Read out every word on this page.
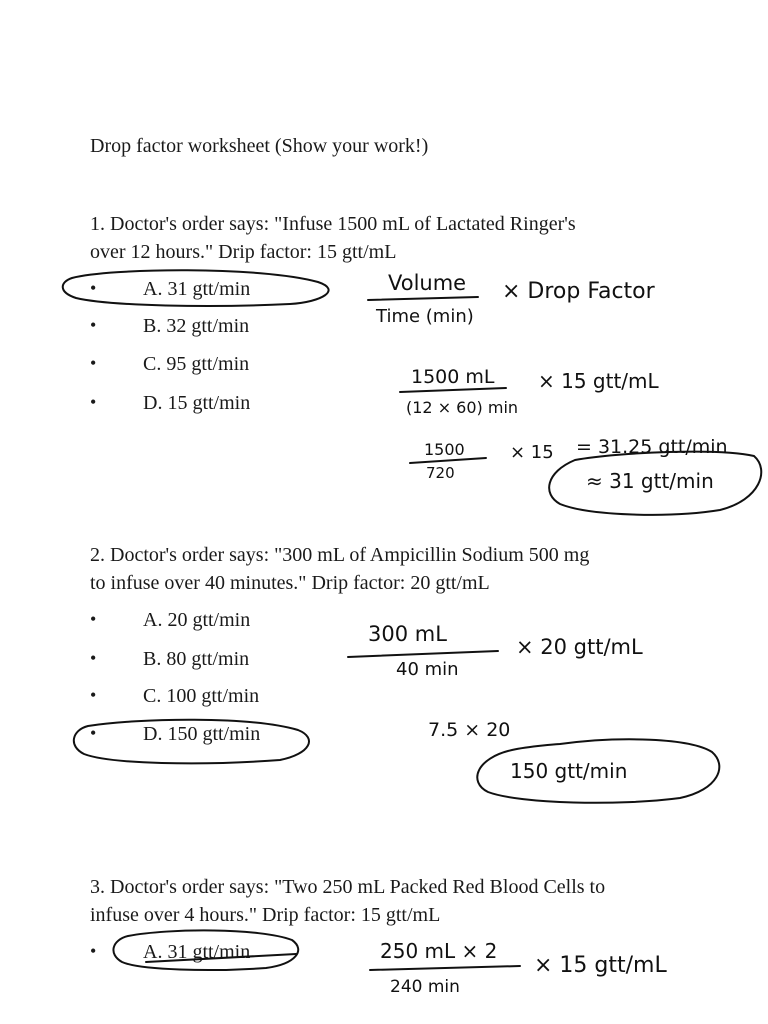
Drop factor worksheet (Show your work!)

1. Doctor's order says: "Infuse 1500 mL of Lactated Ringer's

over 12 hours." Drip factor: 15 gtt/mL

• A. 31 gtt/min
• B. 32 gtt/min
• C. 95 gtt/min
• D. 15 gtt/min

2. Doctor's order says: "300 mL of Ampicillin Sodium 500 mg

to infuse over 40 minutes." Drip factor: 20 gtt/mL

• A. 20 gtt/min
• B. 80 gtt/min
• C. 100 gtt/min
• D. 150 gtt/min

3. Doctor's order says: "Two 250 mL Packed Red Blood Cells to

infuse over 4 hours." Drip factor: 15 gtt/mL

• A. 31 gtt/min
Volume
Time (min)
× Drop Factor
1500 mL
(12 × 60) min
× 15 gtt/mL
1500
720
× 15 = 31.25 gtt/min
≈ 31 gtt/min
300 mL
40 min
× 20 gtt/mL
7.5 × 20
150 gtt/min
250 mL × 2
240 min
× 15 gtt/mL
